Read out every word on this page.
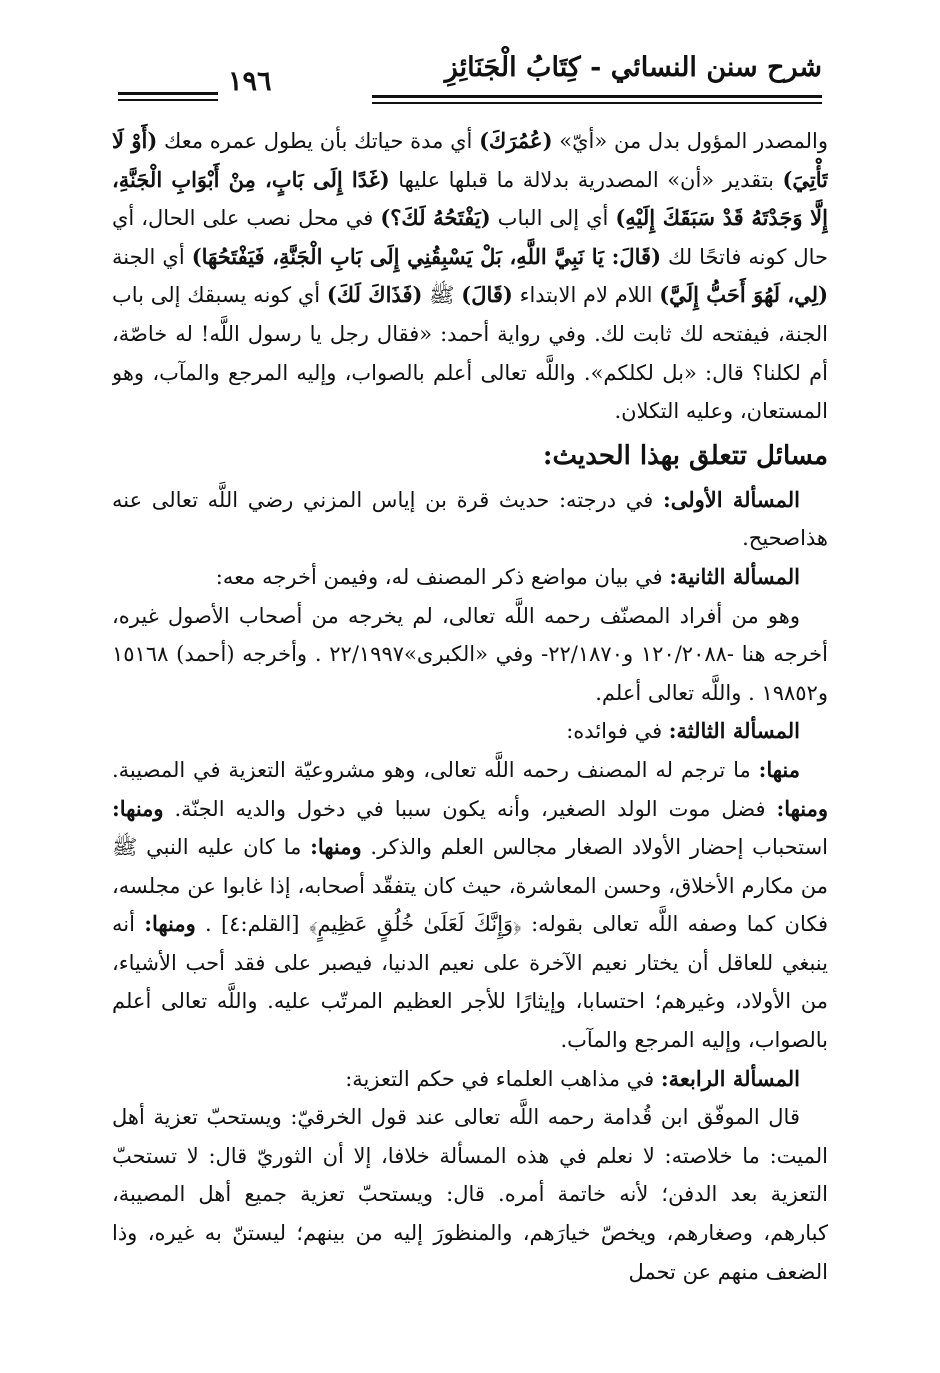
شرح سنن النسائي - كِتَابُ الْجَنَائِزِ
١٩٦

والمصدر المؤول بدل من «أيّ» (عُمُرَكَ) أي مدة حياتك بأن يطول عمره معك (أَوْ لَا تَأْتِيَ) بتقدير «أن» المصدرية بدلالة ما قبلها عليها (غَدًا إِلَى بَابٍ، مِنْ أَبْوَابِ الْجَنَّةِ، إِلَّا وَجَدْتَهُ قَدْ سَبَقَكَ إِلَيْهِ) أي إلى الباب (يَفْتَحُهُ لَكَ؟) في محل نصب على الحال، أي حال كونه فاتحًا لك (قَالَ: يَا نَبِيَّ اللَّهِ، بَلْ يَسْبِقُنِي إِلَى بَابِ الْجَنَّةِ، فَيَفْتَحُهَا) أي الجنة (لِي، لَهُوَ أَحَبُّ إِلَيَّ) اللام لام الابتداء (قَالَ) ﷺ (فَذَاكَ لَكَ) أي كونه يسبقك إلى باب الجنة، فيفتحه لك ثابت لك. وفي رواية أحمد: «فقال رجل يا رسول اللَّه! له خاصّة، أم لكلنا؟ قال: «بل لكلكم». واللَّه تعالى أعلم بالصواب، وإليه المرجع والمآب، وهو المستعان، وعليه التكلان.

مسائل تتعلق بهذا الحديث:

المسألة الأولى: في درجته: حديث قرة بن إياس المزني رضي اللَّه تعالى عنه هذاصحيح.

المسألة الثانية: في بيان مواضع ذكر المصنف له، وفيمن أخرجه معه:

وهو من أفراد المصنّف رحمه اللَّه تعالى، لم يخرجه من أصحاب الأصول غيره، أخرجه هنا -١٢٠/٢٠٨٨ و٢٢/١٨٧٠- وفي «الكبرى»٢٢/١٩٩٧ . وأخرجه (أحمد) ١٥١٦٨ و١٩٨٥٢ . واللَّه تعالى أعلم.

المسألة الثالثة: في فوائده:

منها: ما ترجم له المصنف رحمه اللَّه تعالى، وهو مشروعيّة التعزية في المصيبة. ومنها: فضل موت الولد الصغير، وأنه يكون سببا في دخول والديه الجنّة. ومنها: استحباب إحضار الأولاد الصغار مجالس العلم والذكر. ومنها: ما كان عليه النبي ﷺ من مكارم الأخلاق، وحسن المعاشرة، حيث كان يتفقّد أصحابه، إذا غابوا عن مجلسه، فكان كما وصفه اللَّه تعالى بقوله: ﴿وَإِنَّكَ لَعَلَىٰ خُلُقٍ عَظِيمٍ﴾ [القلم:٤] . ومنها: أنه ينبغي للعاقل أن يختار نعيم الآخرة على نعيم الدنيا، فيصبر على فقد أحب الأشياء، من الأولاد، وغيرهم؛ احتسابا، وإيثارًا للأجر العظيم المرتّب عليه. واللَّه تعالى أعلم بالصواب، وإليه المرجع والمآب.

المسألة الرابعة: في مذاهب العلماء في حكم التعزية:

قال الموفّق ابن قُدامة رحمه اللَّه تعالى عند قول الخرقيّ: ويستحبّ تعزية أهل الميت: ما خلاصته: لا نعلم في هذه المسألة خلافا، إلا أن الثوريّ قال: لا تستحبّ التعزية بعد الدفن؛ لأنه خاتمة أمره. قال: ويستحبّ تعزية جميع أهل المصيبة، كبارهم، وصغارهم، ويخصّ خيارَهم، والمنظورَ إليه من بينهم؛ ليستنّ به غيره، وذا الضعف منهم عن تحمل
